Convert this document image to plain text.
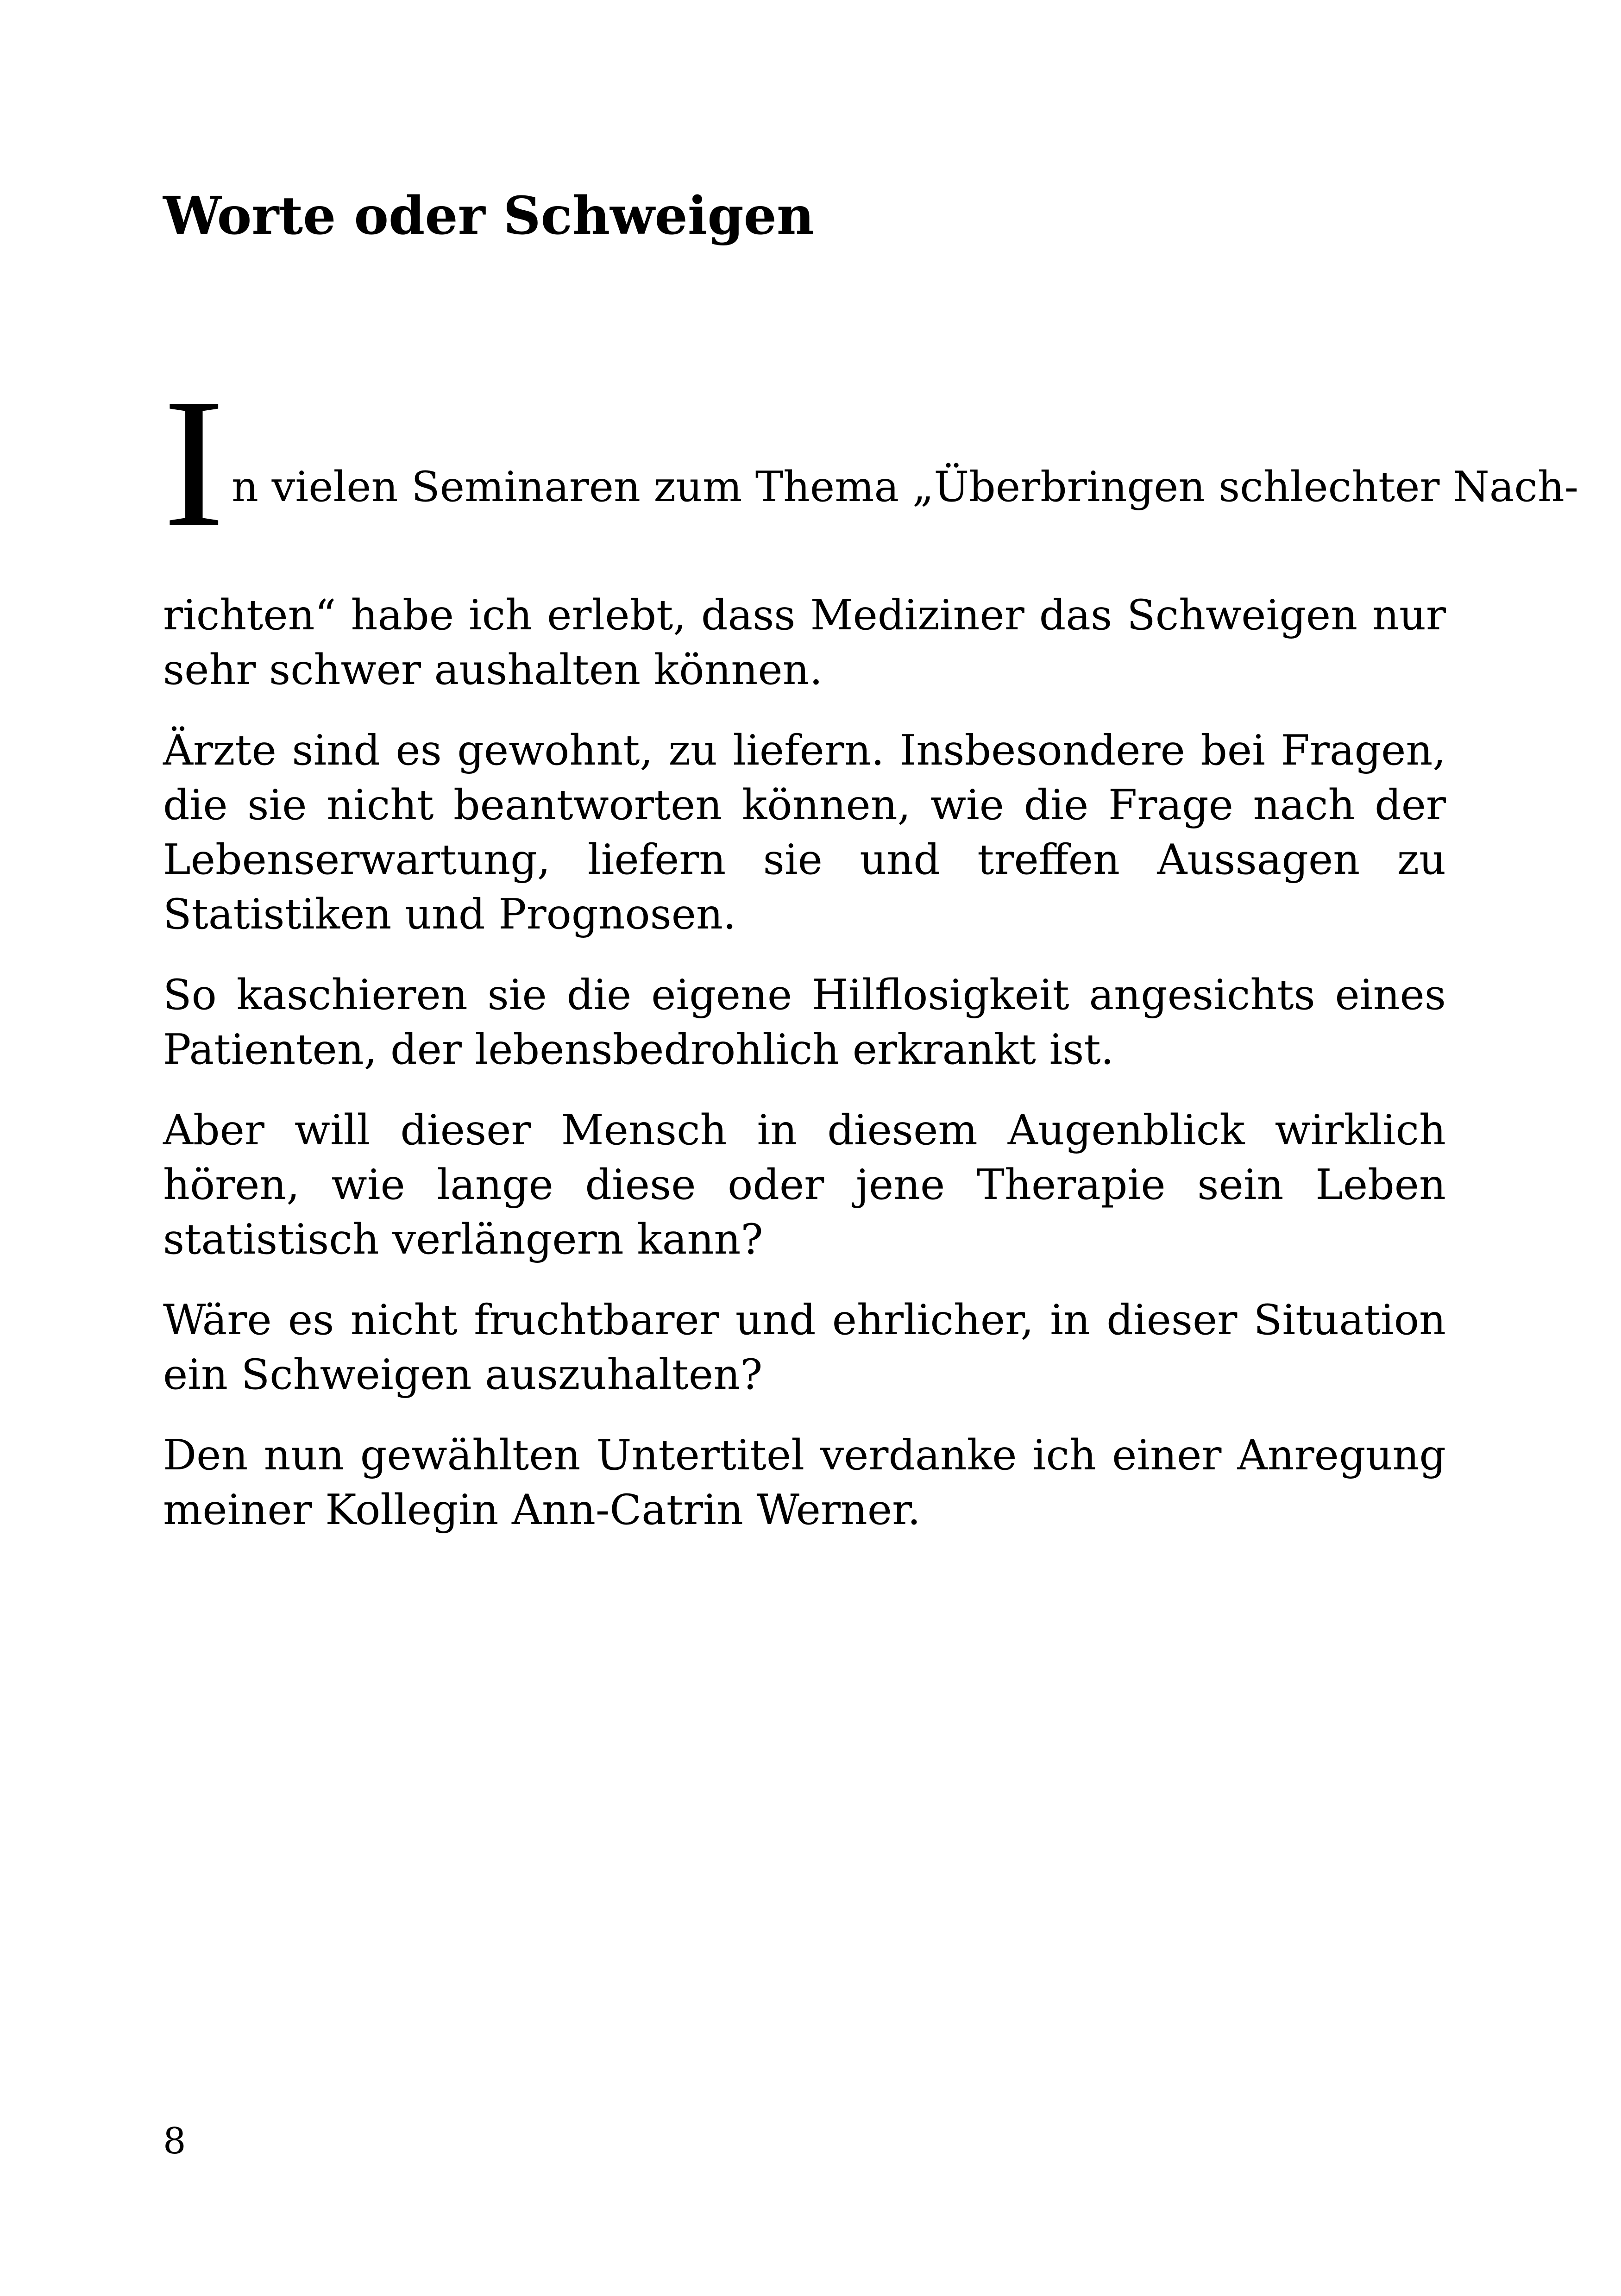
Worte oder Schweigen
I n vielen Seminaren zum Thema „Überbringen schlechter Nach-

richten“ habe ich erlebt, dass Mediziner das Schweigen nur sehr schwer aushalten können.

Ärzte sind es gewohnt, zu liefern. Insbesondere bei Fragen, die sie nicht beantworten können, wie die Frage nach der Lebenserwartung, liefern sie und treffen Aussagen zu Statistiken und Prognosen.

So kaschieren sie die eigene Hilflosigkeit angesichts eines Patienten, der lebensbedrohlich erkrankt ist.

Aber will dieser Mensch in diesem Augenblick wirklich hören, wie lange diese oder jene Therapie sein Leben statistisch verlängern kann?

Wäre es nicht fruchtbarer und ehrlicher, in dieser Situation ein Schweigen auszuhalten?

Den nun gewählten Untertitel verdanke ich einer Anregung meiner Kollegin Ann-Catrin Werner.

8
